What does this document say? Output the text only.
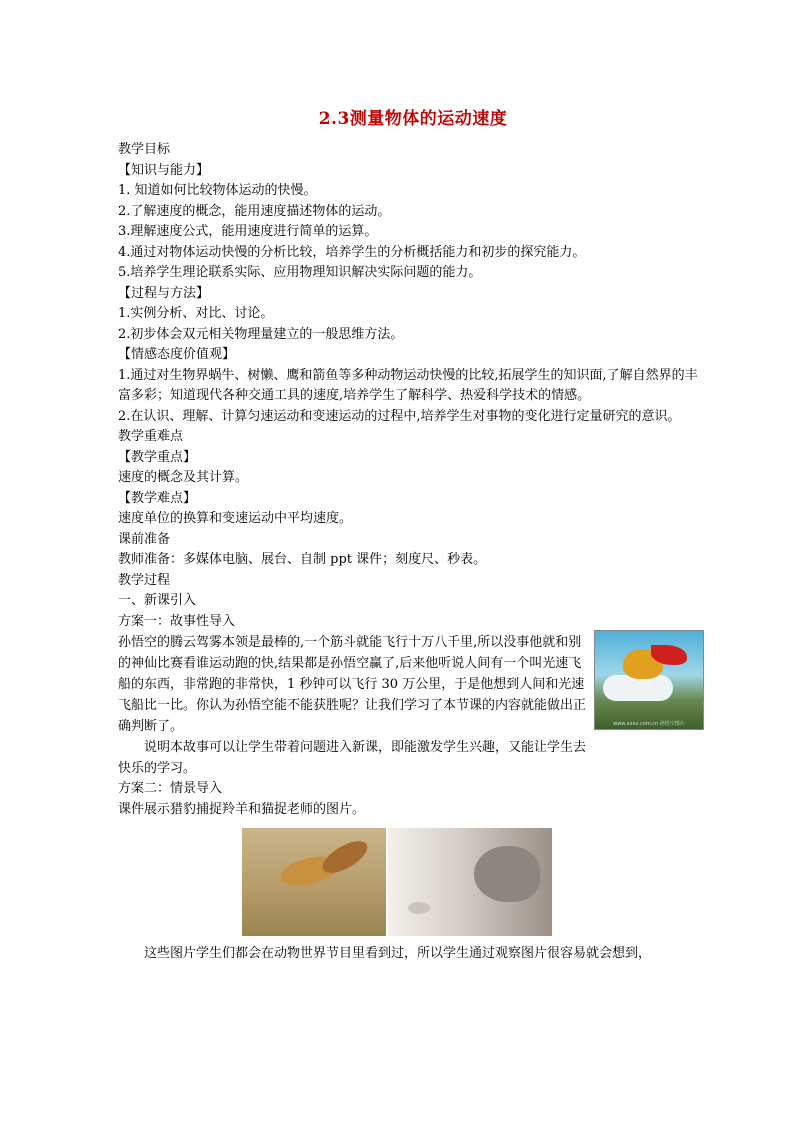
2.3测量物体的运动速度
教学目标
【知识与能力】
1. 知道如何比较物体运动的快慢。
2.了解速度的概念，能用速度描述物体的运动。
3.理解速度公式，能用速度进行简单的运算。
4.通过对物体运动快慢的分析比较，培养学生的分析概括能力和初步的探究能力。
5.培养学生理论联系实际、应用物理知识解决实际问题的能力。
【过程与方法】
1.实例分析、对比、讨论。
2.初步体会双元相关物理量建立的一般思维方法。
【情感态度价值观】
1.通过对生物界蜗牛、树懒、鹰和箭鱼等多种动物运动快慢的比较,拓展学生的知识面,了解自然界的丰富多彩；知道现代各种交通工具的速度,培养学生了解科学、热爱科学技术的情感。
2.在认识、理解、计算匀速运动和变速运动的过程中,培养学生对事物的变化进行定量研究的意识。
教学重难点
【教学重点】
速度的概念及其计算。
【教学难点】
速度单位的换算和变速运动中平均速度。
课前准备
教师准备：多媒体电脑、展台、自制 ppt 课件；刻度尺、秒表。
教学过程
一、新课引入
方案一：故事性导入
孙悟空的腾云驾雾本领是最棒的,一个筋斗就能飞行十万八千里,所以没事他就和别的神仙比赛看谁运动跑的快,结果都是孙悟空赢了,后来他听说人间有一个叫光速飞船的东西，非常跑的非常快，1 秒钟可以飞行 30 万公里，于是他想到人间和光速飞船比一比。你认为孙悟空能不能获胜呢？让我们学习了本节课的内容就能做出正确判断了。	www.xxxx.com.cn 孙悟空图片
说明本故事可以让学生带着问题进入新课，即能激发学生兴趣，又能让学生去快乐的学习。
方案二：情景导入
课件展示猎豹捕捉羚羊和猫捉老师的图片。
这些图片学生们都会在动物世界节目里看到过，所以学生通过观察图片很容易就会想到，
